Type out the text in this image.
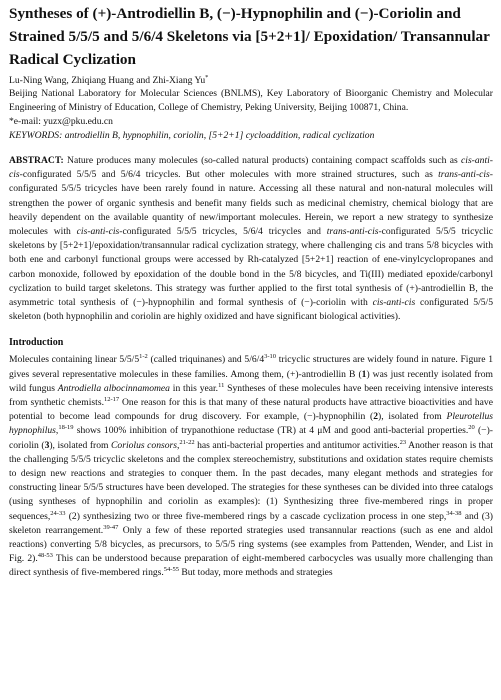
Syntheses of (+)-Antrodiellin B, (−)-Hypnophilin and (−)-Coriolin and Strained 5/5/5 and 5/6/4 Skeletons via [5+2+1]/ Epoxidation/ Transannular Radical Cyclization
Lu-Ning Wang, Zhiqiang Huang and Zhi-Xiang Yu*
Beijing National Laboratory for Molecular Sciences (BNLMS), Key Laboratory of Bioorganic Chemistry and Molecular Engineering of Ministry of Education, College of Chemistry, Peking University, Beijing 100871, China.
*e-mail: yuzx@pku.edu.cn
KEYWORDS: antrodiellin B, hypnophilin, coriolin, [5+2+1] cycloaddition, radical cyclization
ABSTRACT: Nature produces many molecules (so-called natural products) containing compact scaffolds such as cis-anti-cis-configurated 5/5/5 and 5/6/4 tricycles. But other molecules with more strained structures, such as trans-anti-cis-configurated 5/5/5 tricycles have been rarely found in nature. Accessing all these natural and non-natural molecules will strengthen the power of organic synthesis and benefit many fields such as medicinal chemistry, chemical biology that are heavily dependent on the available quantity of new/important molecules. Herein, we report a new strategy to synthesize molecules with cis-anti-cis-configurated 5/5/5 tricycles, 5/6/4 tricycles and trans-anti-cis-configurated 5/5/5 tricyclic skeletons by [5+2+1]/epoxidation/transannular radical cyclization strategy, where challenging cis and trans 5/8 bicycles with both ene and carbonyl functional groups were accessed by Rh-catalyzed [5+2+1] reaction of ene-vinylcyclopropanes and carbon monoxide, followed by epoxidation of the double bond in the 5/8 bicycles, and Ti(III) mediated epoxide/carbonyl cyclization to build target skeletons. This strategy was further applied to the first total synthesis of (+)-antrodiellin B, the asymmetric total synthesis of (−)-hypnophilin and formal synthesis of (−)-coriolin with cis-anti-cis configurated 5/5/5 skeleton (both hypnophilin and coriolin are highly oxidized and have significant biological activities).
Introduction
Molecules containing linear 5/5/5$^{1-2}$ (called triquinanes) and 5/6/4$^{3-10}$ tricyclic structures are widely found in nature. Figure 1 gives several representative molecules in these families. Among them, (+)-antrodiellin B (1) was just recently isolated from wild fungus Antrodiella albocinnamomea in this year.$^{11}$ Syntheses of these molecules have been receiving intensive interests from synthetic chemists.$^{12-17}$ One reason for this is that many of these natural products have attractive bioactivities and have potential to become lead compounds for drug discovery. For example, (−)-hypnophilin (2), isolated from Pleurotellus hypnophilus,$^{18-19}$ shows 100% inhibition of trypanothione reductase (TR) at 4 μM and good anti-bacterial properties.$^{20}$ (−)-coriolin (3), isolated from Coriolus consors,$^{21-22}$ has anti-bacterial properties and antitumor activities.$^{23}$ Another reason is that the challenging 5/5/5 tricyclic skeletons and the complex stereochemistry, substitutions and oxidation states require chemists to design new reactions and strategies to conquer them. In the past decades, many elegant methods and strategies for constructing linear 5/5/5 structures have been developed. The strategies for these syntheses can be divided into three catalogs (using syntheses of hypnophilin and coriolin as examples): (1) Synthesizing three five-membered rings in proper sequences,$^{24-33}$ (2) synthesizing two or three five-membered rings by a cascade cyclization process in one step,$^{34-38}$ and (3) skeleton rearrangement.$^{39-47}$ Only a few of these reported strategies used transannular reactions (such as ene and aldol reactions) converting 5/8 bicycles, as precursors, to 5/5/5 ring systems (see examples from Pattenden, Wender, and List in Fig. 2).$^{48-53}$ This can be understood because preparation of eight-membered carbocycles was usually more challenging than direct synthesis of five-membered rings.$^{54-55}$ But today, more methods and strategies
